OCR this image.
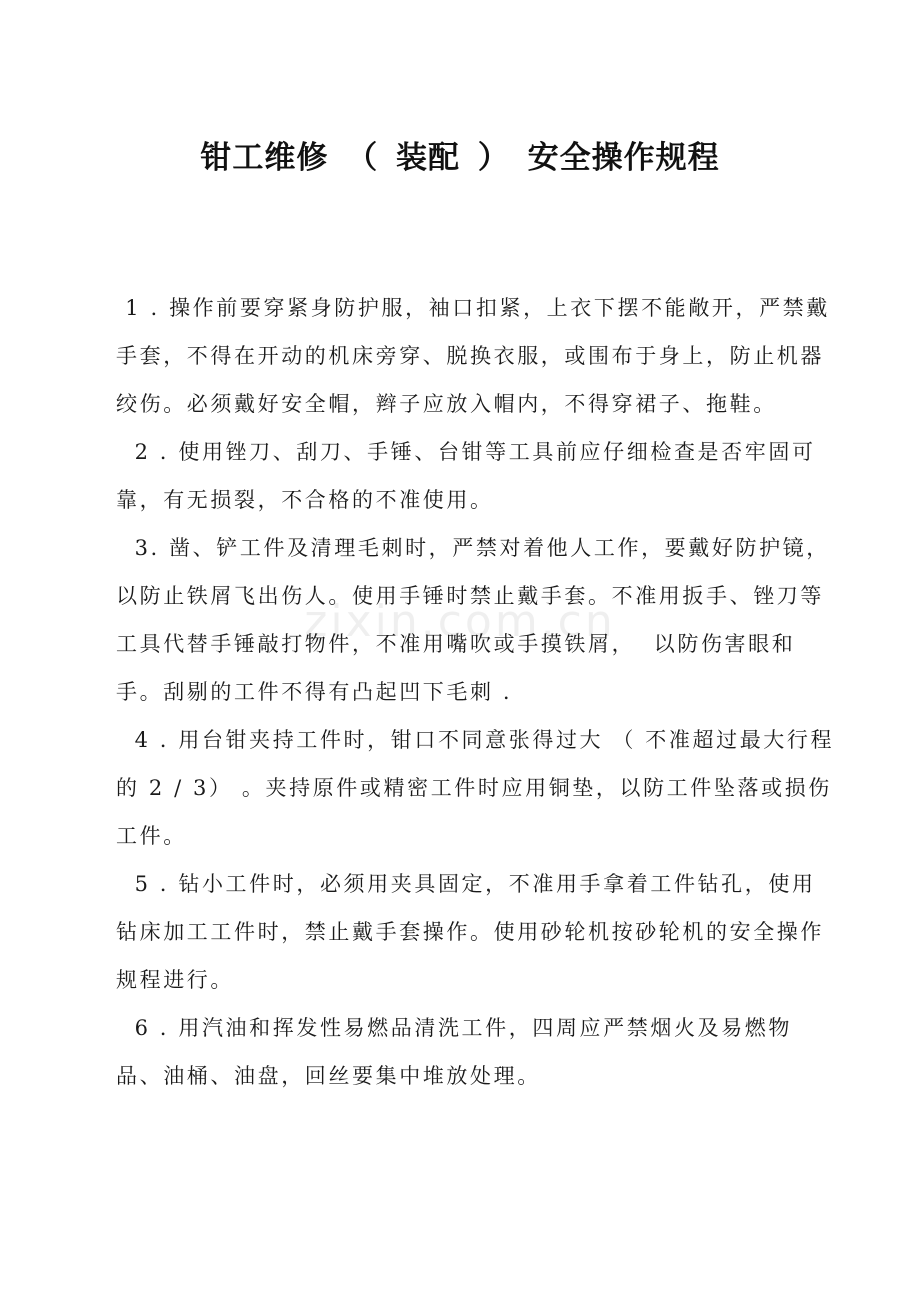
钳工维修 （ 装配 ） 安全操作规程
zixin.com.cn

1 . 操作前要穿紧身防护服，袖口扣紧，上衣下摆不能敞开，严禁戴手套，不得在开动的机床旁穿、脱换衣服，或围布于身上，防止机器绞伤。必须戴好安全帽，辫子应放入帽内，不得穿裙子、拖鞋。

2 . 使用锉刀、刮刀、手锤、台钳等工具前应仔细检查是否牢固可靠，有无损裂，不合格的不准使用。

3. 凿、铲工件及清理毛刺时，严禁对着他人工作，要戴好防护镜，以防止铁屑飞出伤人。使用手锤时禁止戴手套。不准用扳手、锉刀等工具代替手锤敲打物件，不准用嘴吹或手摸铁屑，  以防伤害眼和手。刮剔的工件不得有凸起凹下毛刺 .

4 . 用台钳夹持工件时，钳口不同意张得过大 （ 不准超过最大行程的 2 / 3） 。夹持原件或精密工件时应用铜垫，以防工件坠落或损伤工件。

5 . 钻小工件时，必须用夹具固定，不准用手拿着工件钻孔，使用钻床加工工件时，禁止戴手套操作。使用砂轮机按砂轮机的安全操作规程进行。

6 . 用汽油和挥发性易燃品清洗工件，四周应严禁烟火及易燃物品、油桶、油盘，回丝要集中堆放处理。
